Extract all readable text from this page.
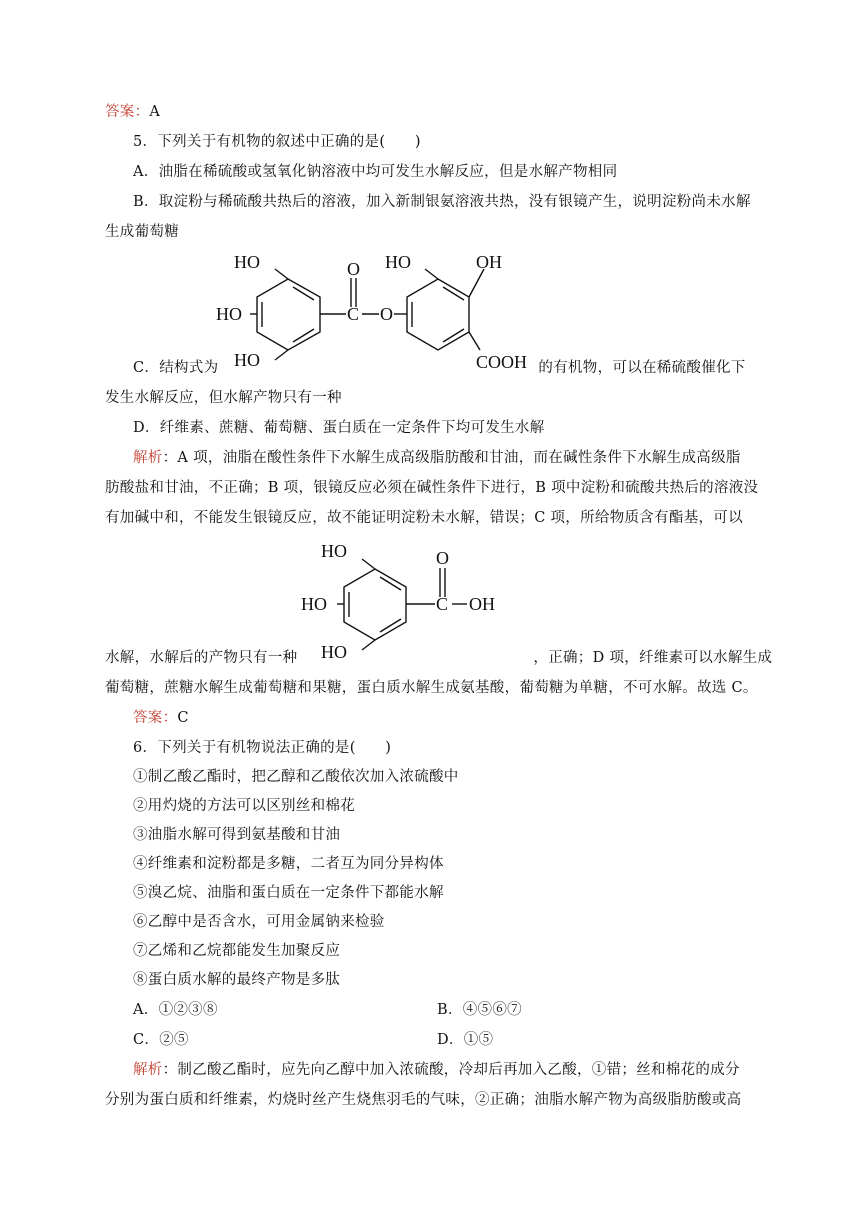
答案：A
5．下列关于有机物的叙述中正确的是(　　)
A．油脂在稀硫酸或氢氧化钠溶液中均可发生水解反应，但是水解产物相同
B．取淀粉与稀硫酸共热后的溶液，加入新制银氨溶液共热，没有银镜产生，说明淀粉尚未水解
生成葡萄糖
HO
HO
HO
O
C O
HO	OH
COOH
C．结构式为	的有机物，可以在稀硫酸催化下
发生水解反应，但水解产物只有一种
D．纤维素、蔗糖、葡萄糖、蛋白质在一定条件下均可发生水解
解析：A 项，油脂在酸性条件下水解生成高级脂肪酸和甘油，而在碱性条件下水解生成高级脂
肪酸盐和甘油，不正确；B 项，银镜反应必须在碱性条件下进行，B 项中淀粉和硫酸共热后的溶液没
有加碱中和，不能发生银镜反应，故不能证明淀粉未水解，错误；C 项，所给物质含有酯基，可以
HO
HO
HO
O
C OH
水解，水解后的产物只有一种	，正确；D 项，纤维素可以水解生成
葡萄糖，蔗糖水解生成葡萄糖和果糖，蛋白质水解生成氨基酸，葡萄糖为单糖，不可水解。故选 C。
答案：C
6．下列关于有机物说法正确的是(　　)
①制乙酸乙酯时，把乙醇和乙酸依次加入浓硫酸中
②用灼烧的方法可以区别丝和棉花
③油脂水解可得到氨基酸和甘油
④纤维素和淀粉都是多糖，二者互为同分异构体
⑤溴乙烷、油脂和蛋白质在一定条件下都能水解
⑥乙醇中是否含水，可用金属钠来检验
⑦乙烯和乙烷都能发生加聚反应
⑧蛋白质水解的最终产物是多肽
A．①②③⑧	B．④⑤⑥⑦
C．②⑤	D．①⑤
解析：制乙酸乙酯时，应先向乙醇中加入浓硫酸，冷却后再加入乙酸，①错；丝和棉花的成分
分别为蛋白质和纤维素，灼烧时丝产生烧焦羽毛的气味，②正确；油脂水解产物为高级脂肪酸或高
